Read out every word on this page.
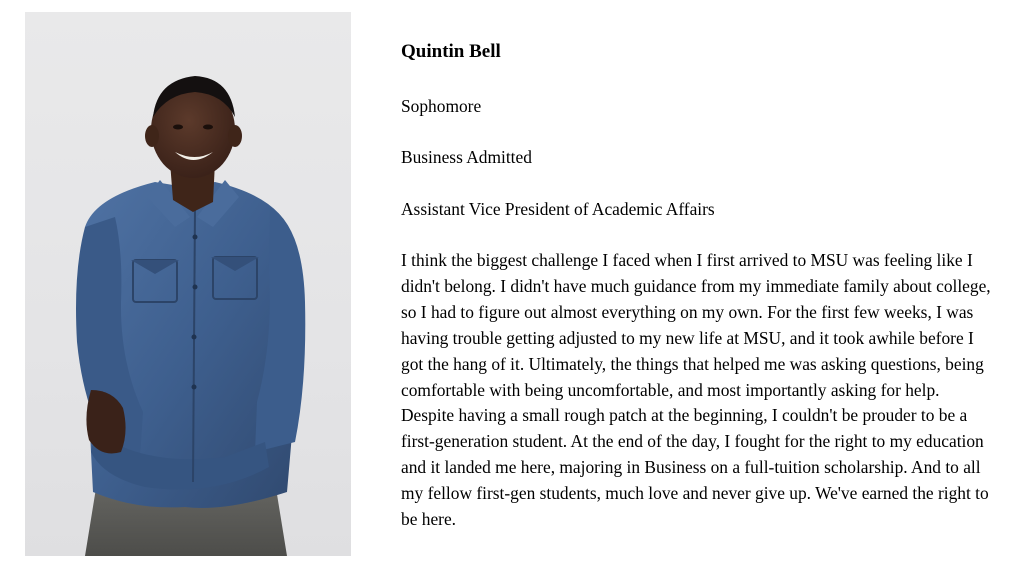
Quintin Bell

Sophomore

Business Admitted

Assistant Vice President of Academic Affairs

I think the biggest challenge I faced when I first arrived to MSU was feeling like I didn't belong. I didn't have much guidance from my immediate family about college, so I had to figure out almost everything on my own. For the first few weeks, I was having trouble getting adjusted to my new life at MSU, and it took awhile before I got the hang of it. Ultimately, the things that helped me was asking questions, being comfortable with being uncomfortable, and most importantly asking for help. Despite having a small rough patch at the beginning, I couldn't be prouder to be a first-generation student. At the end of the day, I fought for the right to my education and it landed me here, majoring in Business on a full-tuition scholarship. And to all my fellow first-gen students, much love and never give up. We've earned the right to be here.
